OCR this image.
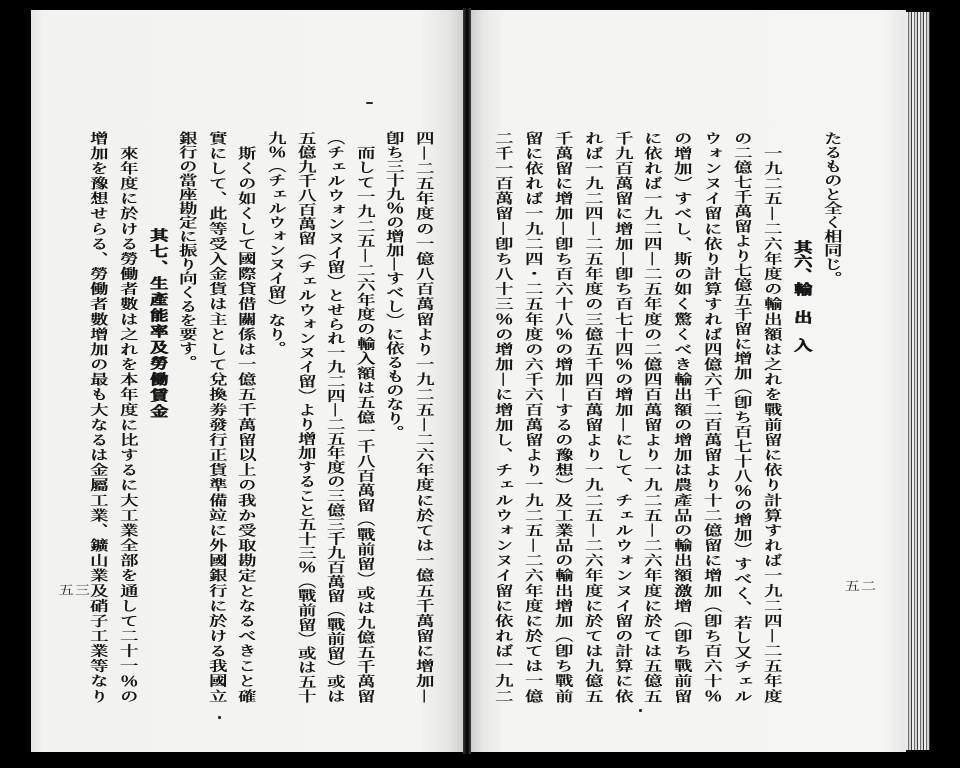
四—二五年度の一億八百萬留より一九二五—二六年度に於ては一億五千萬留に增加—
卽ち三十九％の增加—すべし）に依るものなり。
　而して一九二五—二六年度の輸入額は五億一千八百萬留（戰前留）或は九億五千萬留
（チェルウォンヌイ留）とせられ一九二四—二五年度の三億三千九百萬留（戰前留）或は
五億九千八百萬留（チェルウォンヌイ留）より增加すること五十三％（戰前留）或は五十
九％（チェルウォンヌイ留）なり。
　斯くの如くして國際貸借關係は一億五千萬留以上の我か受取勘定となるべきこと確
實にして、此等受入金貨は主として兌換劵發行正貨準備竝に外國銀行に於ける我國立
銀行の當座勘定に振り向くるを要す。
其七、生產能率及勞働賃金
　來年度に於ける勞働者數は之れを本年度に比するに大工業全部を通して二十一％の
增加を豫想せらる、勞働者數增加の最も大なるは金屬工業、鑛山業及硝子工業等なり
五三
たるものと全く相同じ。
其六、輸　出　入
　一九二五—二六年度の輸出額は之れを戰前留に依り計算すれば一九二四—二五年度
の二億七千萬留より七億五千留に增加（卽ち百七十八％の增加）すべく、若し又チェル
ウォンヌイ留に依り計算すれば四億六千二百萬留より十二億留に增加（卽ち百六十％
の增加）すべし、斯の如く驚くべき輸出額の增加は農產品の輸出額激增（卽ち戰前留
に依れば一九二四—二五年度の二億四百萬留より一九二五—二六年度に於ては五億五
千九百萬留に增加—卽ち百七十四％の增加—にして、チェルウォンヌイ留の計算に依
れば一九二四—二五年度の三億五千四百萬留より一九二五—二六年度に於ては九億五
千萬留に增加—卽ち百六十八％の增加—するの豫想）及工業品の輸出增加（卽ち戰前
留に依れば一九二四・二五年度の六千六百萬留より一九二五—二六年度に於ては一億
二千一百萬留—卽ち八十三％の增加—に增加し、チェルウォンヌイ留に依れば一九二	五二
